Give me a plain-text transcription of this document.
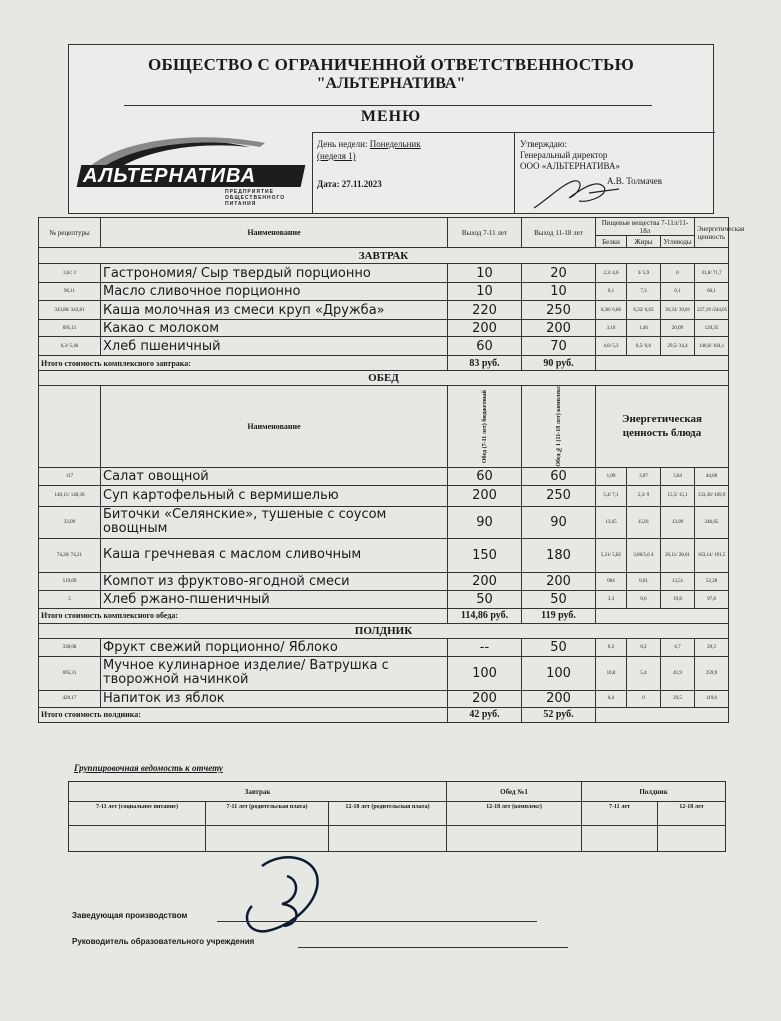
ОБЩЕСТВО С ОГРАНИЧЕННОЙ ОТВЕТСТВЕННОСТЬЮ
"АЛЬТЕРНАТИВА"
МЕНЮ
АЛЬТЕРНАТИВА
ПРЕДПРИЯТИЕ ОБЩЕСТВЕННОГО ПИТАНИЯ
День недели: Понедельник
(неделя 1)
Дата: 27.11.2023
Утверждаю:
Генеральный директор
ООО «АЛЬТЕРНАТИВА»
А.В. Толмачев
№ рецептуры	Наименование	Выход 7-11 лет	Выход 11-18 лет	Пищевые вещества 7-11л/11-18л			Энергетическая ценность
				Белки	Жиры	Углеводы	
ЗАВТРАК							
3,6/; 3	Гастрономия/ Сыр твердый порционно	10	20	2,3/ 4,6	3/ 5,9	0	31,8/ 71,7
96,11	Масло сливочное порционно	10	10	0,1	7,3	0,1	66,1
343,86/ 343,81	Каша молочная из смеси круп «Дружба»	220	250	6,38/ 6,86	6,32/ 6,63	36,33/ 39,81	227,19 /244,05
695,11	Какао с молоком	200	200	3,16	1,46	20,09	120,35
0,3/ 5,46	Хлеб пшеничный	60	70	4,6/ 5,3	0,5/ 0,6	29,5/ 34,4	140,6/ 164,1
Итого стоимость комплексного завтрака:		83 руб.	90 руб.				
ОБЕД							
	Наименование	Обед (7-11 лет) бюджетный	Обед №1 (11-18 лет) комплекс	Энергетическая ценность блюда			
117	Салат овощной	60	60	1,09	3,07	3,04	44,08
140,11/ 140,36	Суп картофельный с вермишелью	200	250	5,4/ 7,1	5,3/ 9	15,5/ 15,1	133,30/ 169,9
33,09	Биточки «Селянские», тушеные с соусом овощным	90	90	13,65	15,01	13,99	246,65
74,20/ 74,21	Каша гречневая с маслом сливочным	150	180	5,31/ 5,82	3,86/5,6 4	26,11/ 28,61	163,14/ 191,5
519,09	Компот из фруктово-ягодной смеси	200	200	004	0,01	13,51	52,28
5	Хлеб ржано-пшеничный	50	50	3,3	0,6	19,8	97,8
Итого стоимость комплексного обеда:		114,86 руб.	119 руб.				
ПОЛДНИК							
338,08	Фрукт свежий порционно/ Яблоко	--	50	0,2	0,2	6,7	29,3
695,31	Мучное кулинарное изделие/ Ватрушка с творожной начинкой	100	100	10,8	5,4	41,9	259,9
420,17	Напиток из яблок	200	200	0,4	0	29,5	119,6
Итого стоимость полдника:		42 руб.	52 руб.				
Группировочная ведомость к отчету
Завтрак			Обед №1	Полдник	
7-11 лет (социальное питание)	7-11 лет (родительская плата)	12-18 лет (родительская плата)	12-18 лет (комплекс)	7-11 лет	12-18 лет

Заведующая производством
Руководитель образовательного учреждения
